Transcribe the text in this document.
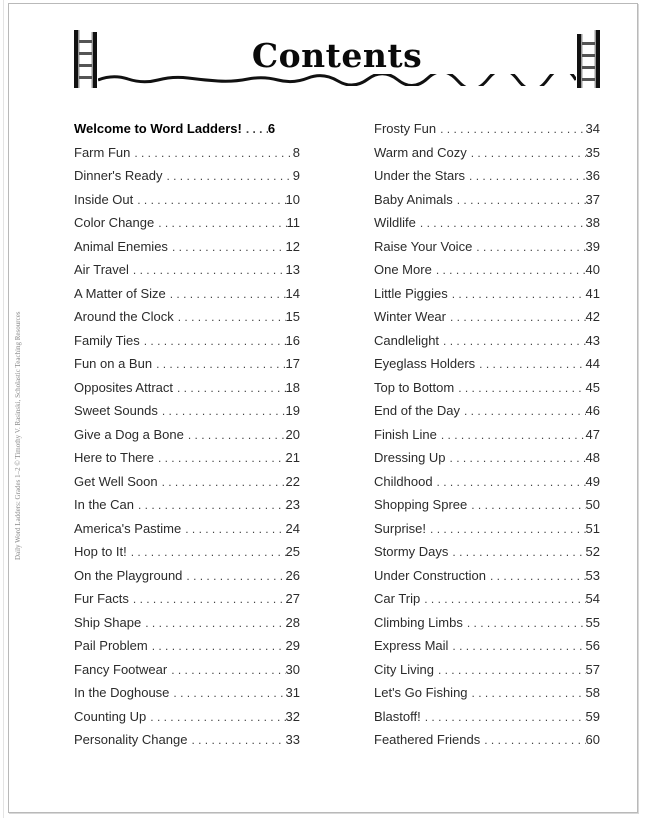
Contents
Daily Word Ladders: Grades 1–2 © Timothy V. Rasinski, Scholastic Teaching Resources
Welcome to Word Ladders! . . .	6
Farm Fun . . .	8
Dinner's Ready . . .	9
Inside Out . . .	10
Color Change . . .	11
Animal Enemies . . .	12
Air Travel . . .	13
A Matter of Size . . .	14
Around the Clock . . .	15
Family Ties . . .	16
Fun on a Bun . . .	17
Opposites Attract . . .	18
Sweet Sounds . . .	19
Give a Dog a Bone . . .	20
Here to There . . .	21
Get Well Soon . . .	22
In the Can . . .	23
America's Pastime . . .	24
Hop to It! . . .	25
On the Playground . . .	26
Fur Facts . . .	27
Ship Shape . . .	28
Pail Problem . . .	29
Fancy Footwear . . .	30
In the Doghouse . . .	31
Counting Up . . .	32
Personality Change . . .	33
Frosty Fun . . .	34
Warm and Cozy . . .	35
Under the Stars . . .	36
Baby Animals . . .	37
Wildlife . . .	38
Raise Your Voice . . .	39
One More . . .	40
Little Piggies . . .	41
Winter Wear . . .	42
Candlelight . . .	43
Eyeglass Holders . . .	44
Top to Bottom . . .	45
End of the Day . . .	46
Finish Line . . .	47
Dressing Up . . .	48
Childhood . . .	49
Shopping Spree . . .	50
Surprise! . . .	51
Stormy Days . . .	52
Under Construction . . .	53
Car Trip . . .	54
Climbing Limbs . . .	55
Express Mail . . .	56
City Living . . .	57
Let's Go Fishing . . .	58
Blastoff! . . .	59
Feathered Friends . . .	60
